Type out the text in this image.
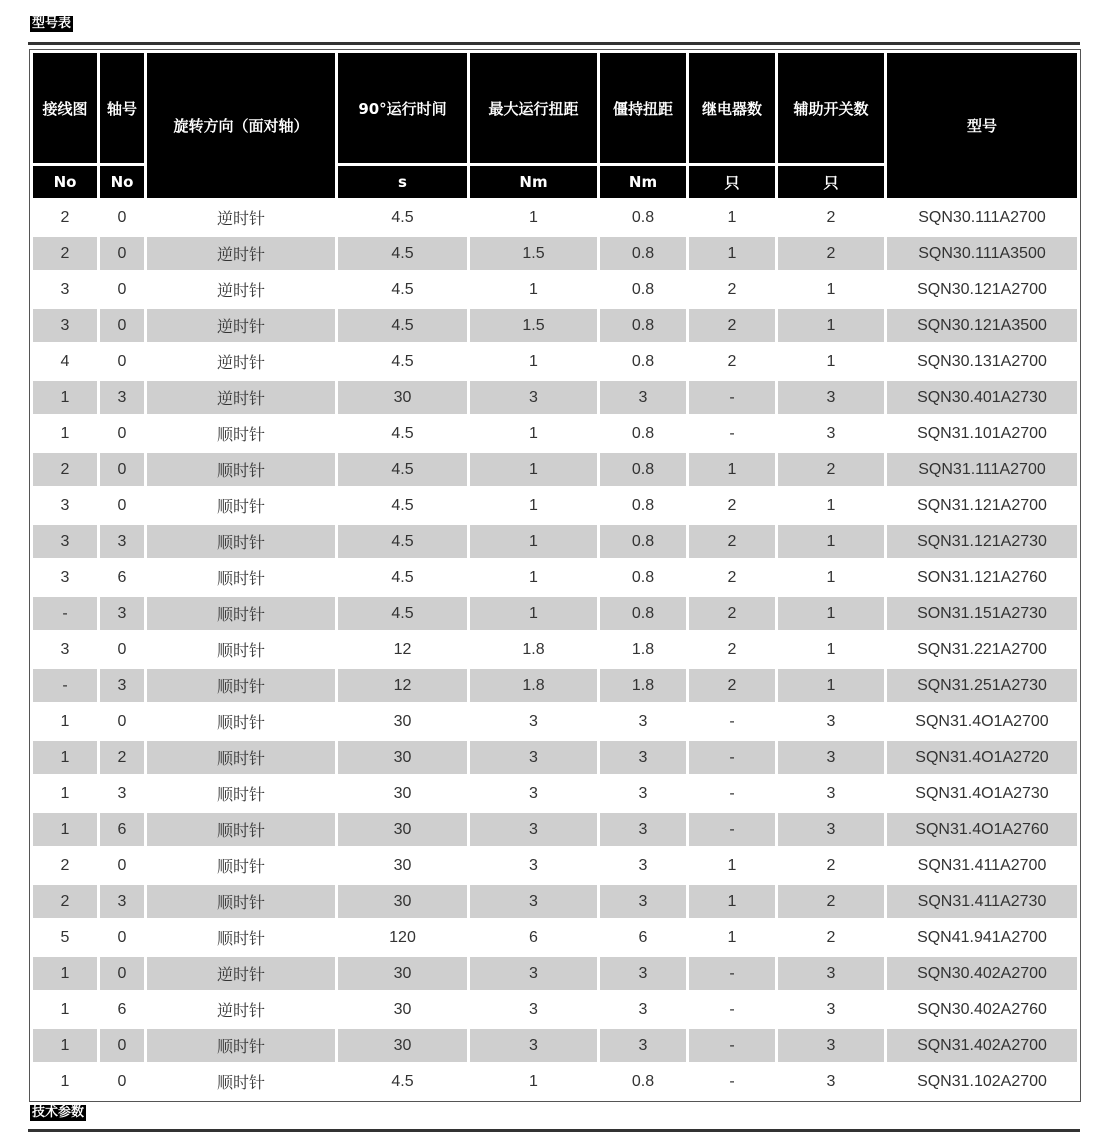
型号表
接线图	轴号	旋转方向（面对轴）	90°运行时间	最大运行扭距	僵持扭距	继电器数	辅助开关数	型号
No	No		s	Nm	Nm	只	只	
2	0	逆时针	4.5	1	0.8	1	2	SQN30.111A2700
2	0	逆时针	4.5	1.5	0.8	1	2	SQN30.111A3500
3	0	逆时针	4.5	1	0.8	2	1	SQN30.121A2700
3	0	逆时针	4.5	1.5	0.8	2	1	SQN30.121A3500
4	0	逆时针	4.5	1	0.8	2	1	SQN30.131A2700
1	3	逆时针	30	3	3	-	3	SQN30.401A2730
1	0	顺时针	4.5	1	0.8	-	3	SQN31.101A2700
2	0	顺时针	4.5	1	0.8	1	2	SQN31.111A2700
3	0	顺时针	4.5	1	0.8	2	1	SQN31.121A2700
3	3	顺时针	4.5	1	0.8	2	1	SQN31.121A2730
3	6	顺时针	4.5	1	0.8	2	1	SON31.121A2760
-	3	顺时针	4.5	1	0.8	2	1	SON31.151A2730
3	0	顺时针	12	1.8	1.8	2	1	SQN31.221A2700
-	3	顺时针	12	1.8	1.8	2	1	SQN31.251A2730
1	0	顺时针	30	3	3	-	3	SQN31.4O1A2700
1	2	顺时针	30	3	3	-	3	SQN31.4O1A2720
1	3	顺时针	30	3	3	-	3	SQN31.4O1A2730
1	6	顺时针	30	3	3	-	3	SQN31.4O1A2760
2	0	顺时针	30	3	3	1	2	SQN31.411A2700
2	3	顺时针	30	3	3	1	2	SQN31.411A2730
5	0	顺时针	120	6	6	1	2	SQN41.941A2700
1	0	逆时针	30	3	3	-	3	SQN30.402A2700
1	6	逆时针	30	3	3	-	3	SQN30.402A2760
1	0	顺时针	30	3	3	-	3	SQN31.402A2700
1	0	顺时针	4.5	1	0.8	-	3	SQN31.102A2700
技术参数
